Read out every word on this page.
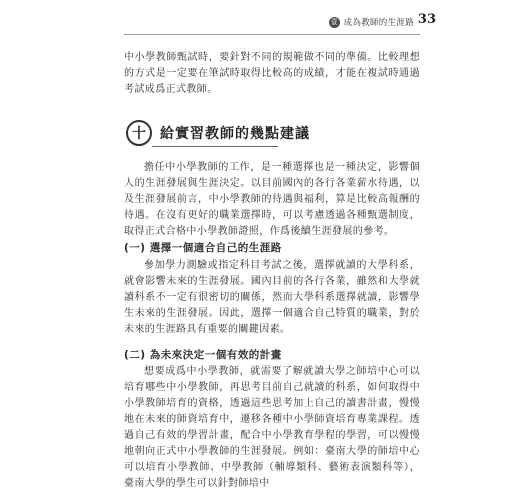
壹 成為教師的生涯路 33

中小學教師甄試時，要針對不同的規範做不同的準備。比較理想的方式是一定要在筆試時取得比較高的成績，才能在複試時通過考試成爲正式教師。

十	給實習教師的幾點建議

擔任中小學教師的工作，是一種選擇也是一種決定，影響個人的生涯發展與生涯決定。以目前國內的各行各業薪水待遇，以及生涯發展前言，中小學教師的待遇與福利，算是比較高報酬的待遇。在沒有更好的職業選擇時，可以考慮透過各種甄選制度，取得正式合格中小學教師證照，作爲後續生涯發展的參考。

(一) 選擇一個適合自己的生涯路

參加學力測驗或指定科目考試之後，選擇就讀的大學科系，就會影響未來的生涯發展。國內目前的各行各業，雖然和大學就讀科系不一定有很密切的關係，然而大學科系選擇就讀，影響學生未來的生涯發展。因此，選擇一個適合自己特質的職業，對於未來的生涯路具有重要的關鍵因素。

(二) 為未來決定一個有效的計畫

想要成爲中小學教師，就需要了解就讀大學之師培中心可以培育哪些中小學教師，再思考目前自己就讀的科系，如何取得中小學教師培育的資格，透過這些思考加上自己的讀書計畫，慢慢地在未來的師資培育中，遷移各種中小學師資培育專業課程。透過自己有效的學習計畫，配合中小學教育學程的學習，可以慢慢地朝向正式中小學教師的生涯發展。例如：臺南大學的師培中心可以培育小學教師、中學教師（輔導類科、藝術表演類科等），臺南大學的學生可以針對師培中
